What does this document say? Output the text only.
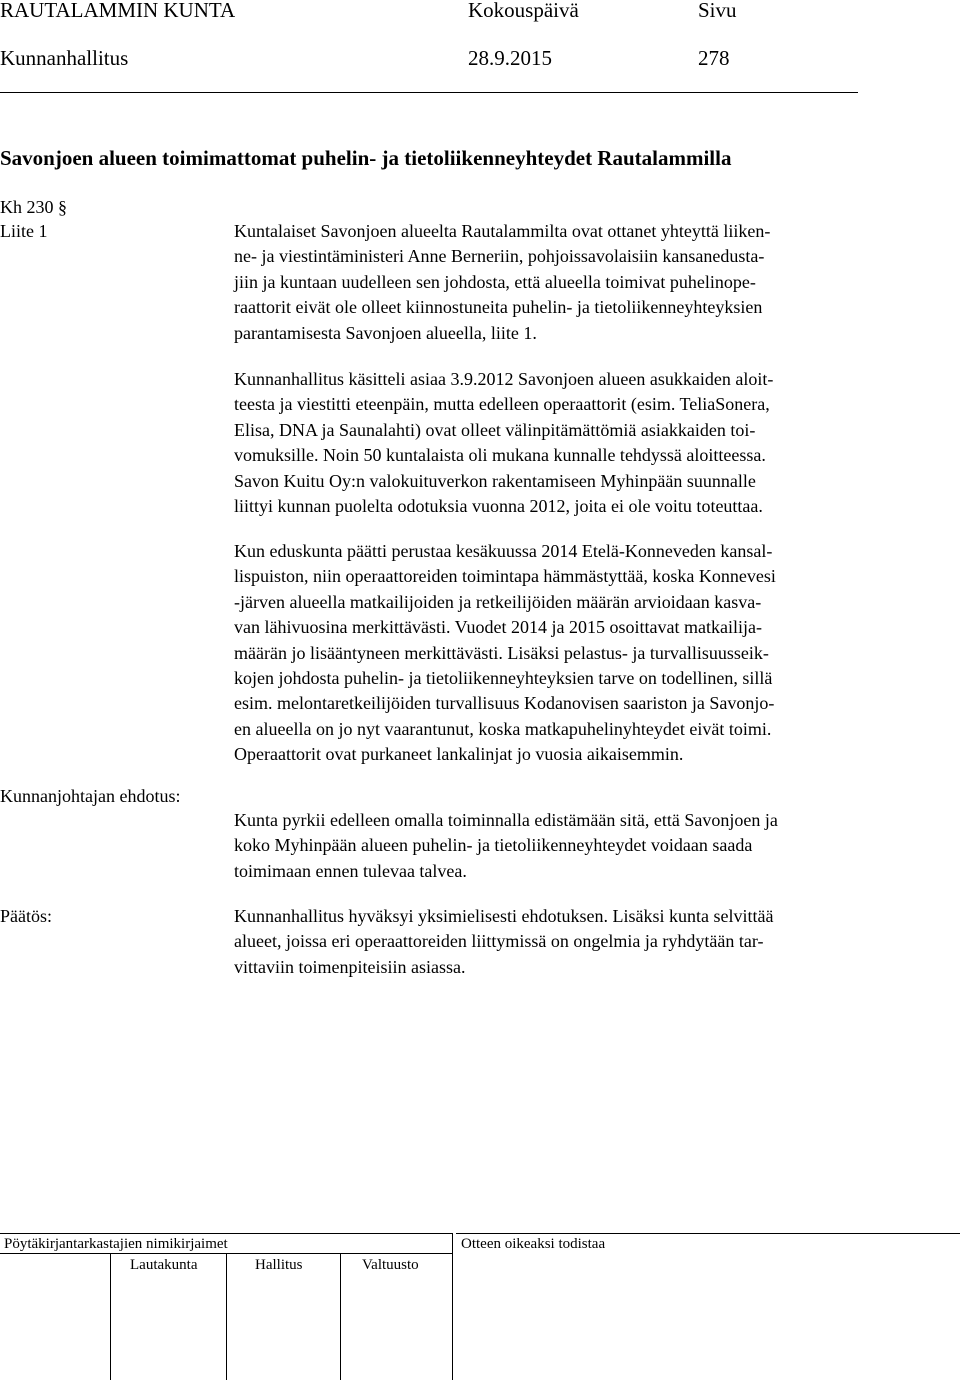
RAUTALAMMIN KUNTA	Kokouspäivä	Sivu
Kunnanhallitus	28.9.2015	278
Savonjoen alueen toimimattomat puhelin- ja tietoliikenneyhteydet Rautalammilla
Kh 230 §
Liite 1	Kuntalaiset Savonjoen alueelta Rautalammilta ovat ottanet yhteyttä liiken-
ne- ja viestintäministeri Anne Berneriin, pohjoissavolaisiin kansanedusta-
jiin ja kuntaan uudelleen sen johdosta, että alueella toimivat puhelinope-
raattorit eivät ole olleet kiinnostuneita puhelin- ja tietoliikenneyhteyksien
parantamisesta Savonjoen alueella, liite 1.
Kunnanhallitus käsitteli asiaa 3.9.2012 Savonjoen alueen asukkaiden aloit-
teesta ja viestitti eteenpäin, mutta edelleen operaattorit (esim. TeliaSonera,
Elisa, DNA ja Saunalahti) ovat olleet välinpitämättömiä asiakkaiden toi-
vomuksille. Noin 50 kuntalaista oli mukana kunnalle tehdyssä aloitteessa.
Savon Kuitu Oy:n valokuituverkon rakentamiseen Myhinpään suunnalle
liittyi kunnan puolelta odotuksia vuonna 2012, joita ei ole voitu toteuttaa.
Kun eduskunta päätti perustaa kesäkuussa 2014 Etelä-Konneveden kansal-
lispuiston, niin operaattoreiden toimintapa hämmästyttää, koska Konnevesi
-järven alueella matkailijoiden ja retkeilijöiden määrän arvioidaan kasva-
van lähivuosina merkittävästi. Vuodet 2014 ja 2015 osoittavat matkailija-
määrän jo lisääntyneen merkittävästi. Lisäksi pelastus- ja turvallisuusseik-
kojen johdosta puhelin- ja tietoliikenneyhteyksien tarve on todellinen, sillä
esim. melontaretkeilijöiden turvallisuus Kodanovisen saariston ja Savonjo-
en alueella on jo nyt vaarantunut, koska matkapuhelinyhteydet eivät toimi.
Operaattorit ovat purkaneet lankalinjat jo vuosia aikaisemmin.
Kunnanjohtajan ehdotus:
Kunta pyrkii edelleen omalla toiminnalla edistämään sitä, että Savonjoen ja
koko Myhinpään alueen puhelin- ja tietoliikenneyhteydet voidaan saada
toimimaan ennen tulevaa talvea.
Päätös:	Kunnanhallitus hyväksyi yksimielisesti ehdotuksen. Lisäksi kunta selvittää
alueet, joissa eri operaattoreiden liittymissä on ongelmia ja ryhdytään tar-
vittaviin toimenpiteisiin asiassa.
Pöytäkirjantarkastajien nimikirjaimet	Otteen oikeaksi todistaa
Lautakunta	Hallitus	Valtuusto
